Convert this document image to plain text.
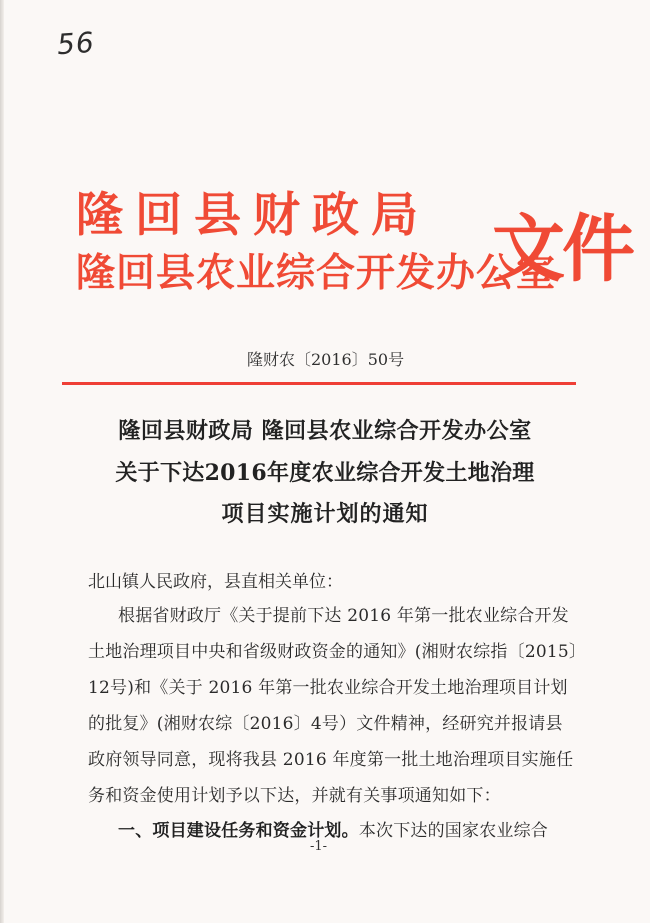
56
隆回县财政局
隆回县农业综合开发办公室
文件
隆财农〔2016〕50号
隆回县财政局 隆回县农业综合开发办公室
关于下达2016年度农业综合开发土地治理
项目实施计划的通知
北山镇人民政府，县直相关单位：
根据省财政厅《关于提前下达 2016 年第一批农业综合开发
土地治理项目中央和省级财政资金的通知》(湘财农综指〔2015〕
12号)和《关于 2016 年第一批农业综合开发土地治理项目计划
的批复》(湘财农综〔2016〕4号）文件精神，经研究并报请县
政府领导同意，现将我县 2016 年度第一批土地治理项目实施任
务和资金使用计划予以下达，并就有关事项通知如下：
一、项目建设任务和资金计划。本次下达的国家农业综合
-1-
